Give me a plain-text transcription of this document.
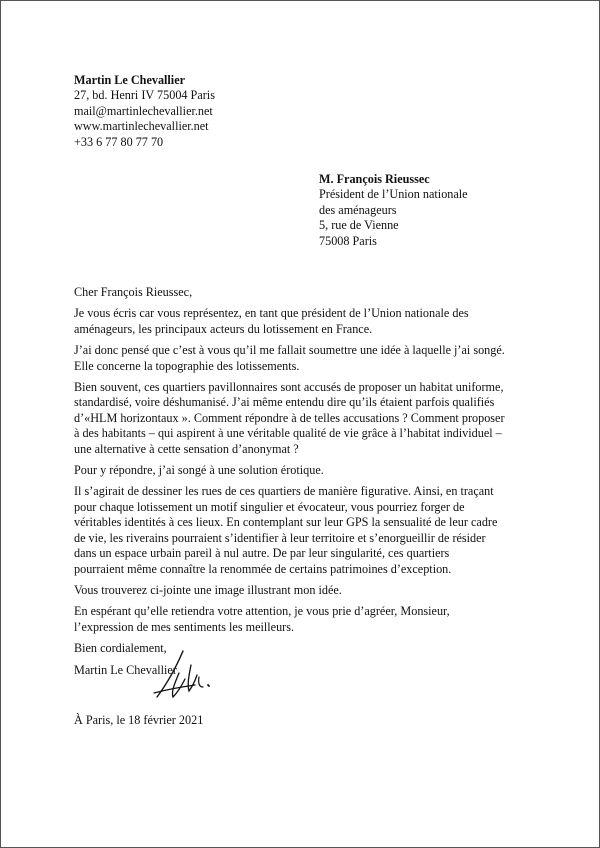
Martin Le Chevallier
27, bd. Henri IV 75004 Paris
mail@martinlechevallier.net
www.martinlechevallier.net
+33 6 77 80 77 70
M. François Rieussec
Président de l’Union nationale
des aménageurs
5, rue de Vienne
75008 Paris

Cher François Rieussec,

Je vous écris car vous représentez, en tant que président de l’Union nationale des
aménageurs, les principaux acteurs du lotissement en France.

J’ai donc pensé que c’est à vous qu’il me fallait soumettre une idée à laquelle j’ai songé.
Elle concerne la topographie des lotissements.

Bien souvent, ces quartiers pavillonnaires sont accusés de proposer un habitat uniforme,
standardisé, voire déshumanisé. J’ai même entendu dire qu’ils étaient parfois qualifiés
d’«HLM horizontaux ». Comment répondre à de telles accusations ? Comment proposer
à des habitants – qui aspirent à une véritable qualité de vie grâce à l’habitat individuel –
une alternative à cette sensation d’anonymat ?

Pour y répondre, j’ai songé à une solution érotique.

Il s’agirait de dessiner les rues de ces quartiers de manière figurative. Ainsi, en traçant
pour chaque lotissement un motif singulier et évocateur, vous pourriez forger de
véritables identités à ces lieux. En contemplant sur leur GPS la sensualité de leur cadre
de vie, les riverains pourraient s’identifier à leur territoire et s’enorgueillir de résider
dans un espace urbain pareil à nul autre. De par leur singularité, ces quartiers
pourraient même connaître la renommée de certains patrimoines d’exception.

Vous trouverez ci-jointe une image illustrant mon idée.

En espérant qu’elle retiendra votre attention, je vous prie d’agréer, Monsieur,
l’expression de mes sentiments les meilleurs.

Bien cordialement,

Martin Le Chevallier

À Paris, le 18 février 2021
